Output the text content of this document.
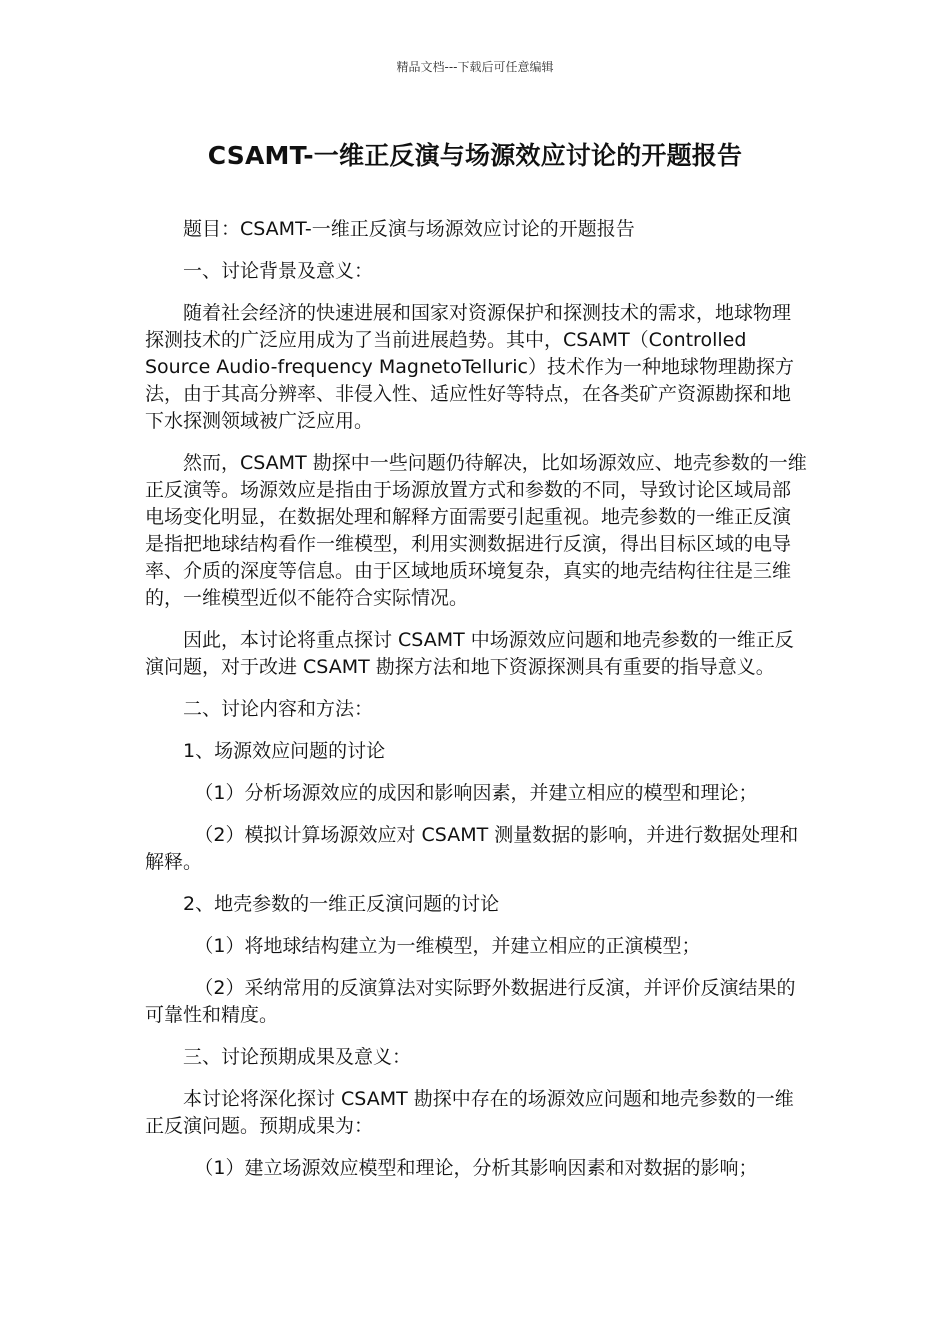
精品文档---下载后可任意编辑
CSAMT-一维正反演与场源效应讨论的开题报告

题目：CSAMT-一维正反演与场源效应讨论的开题报告

一、讨论背景及意义：

随着社会经济的快速进展和国家对资源保护和探测技术的需求，地球物理探测技术的广泛应用成为了当前进展趋势。其中，CSAMT（Controlled Source Audio-frequency MagnetoTelluric）技术作为一种地球物理勘探方法，由于其高分辨率、非侵入性、适应性好等特点，在各类矿产资源勘探和地下水探测领域被广泛应用。

然而，CSAMT 勘探中一些问题仍待解决，比如场源效应、地壳参数的一维正反演等。场源效应是指由于场源放置方式和参数的不同，导致讨论区域局部电场变化明显，在数据处理和解释方面需要引起重视。地壳参数的一维正反演是指把地球结构看作一维模型，利用实测数据进行反演，得出目标区域的电导率、介质的深度等信息。由于区域地质环境复杂，真实的地壳结构往往是三维的，一维模型近似不能符合实际情况。

因此，本讨论将重点探讨 CSAMT 中场源效应问题和地壳参数的一维正反演问题，对于改进 CSAMT 勘探方法和地下资源探测具有重要的指导意义。

二、讨论内容和方法：

1、场源效应问题的讨论

（1）分析场源效应的成因和影响因素，并建立相应的模型和理论；

（2）模拟计算场源效应对 CSAMT 测量数据的影响，并进行数据处理和解释。

2、地壳参数的一维正反演问题的讨论

（1）将地球结构建立为一维模型，并建立相应的正演模型；

（2）采纳常用的反演算法对实际野外数据进行反演，并评价反演结果的可靠性和精度。

三、讨论预期成果及意义：

本讨论将深化探讨 CSAMT 勘探中存在的场源效应问题和地壳参数的一维正反演问题。预期成果为：

（1）建立场源效应模型和理论，分析其影响因素和对数据的影响；
